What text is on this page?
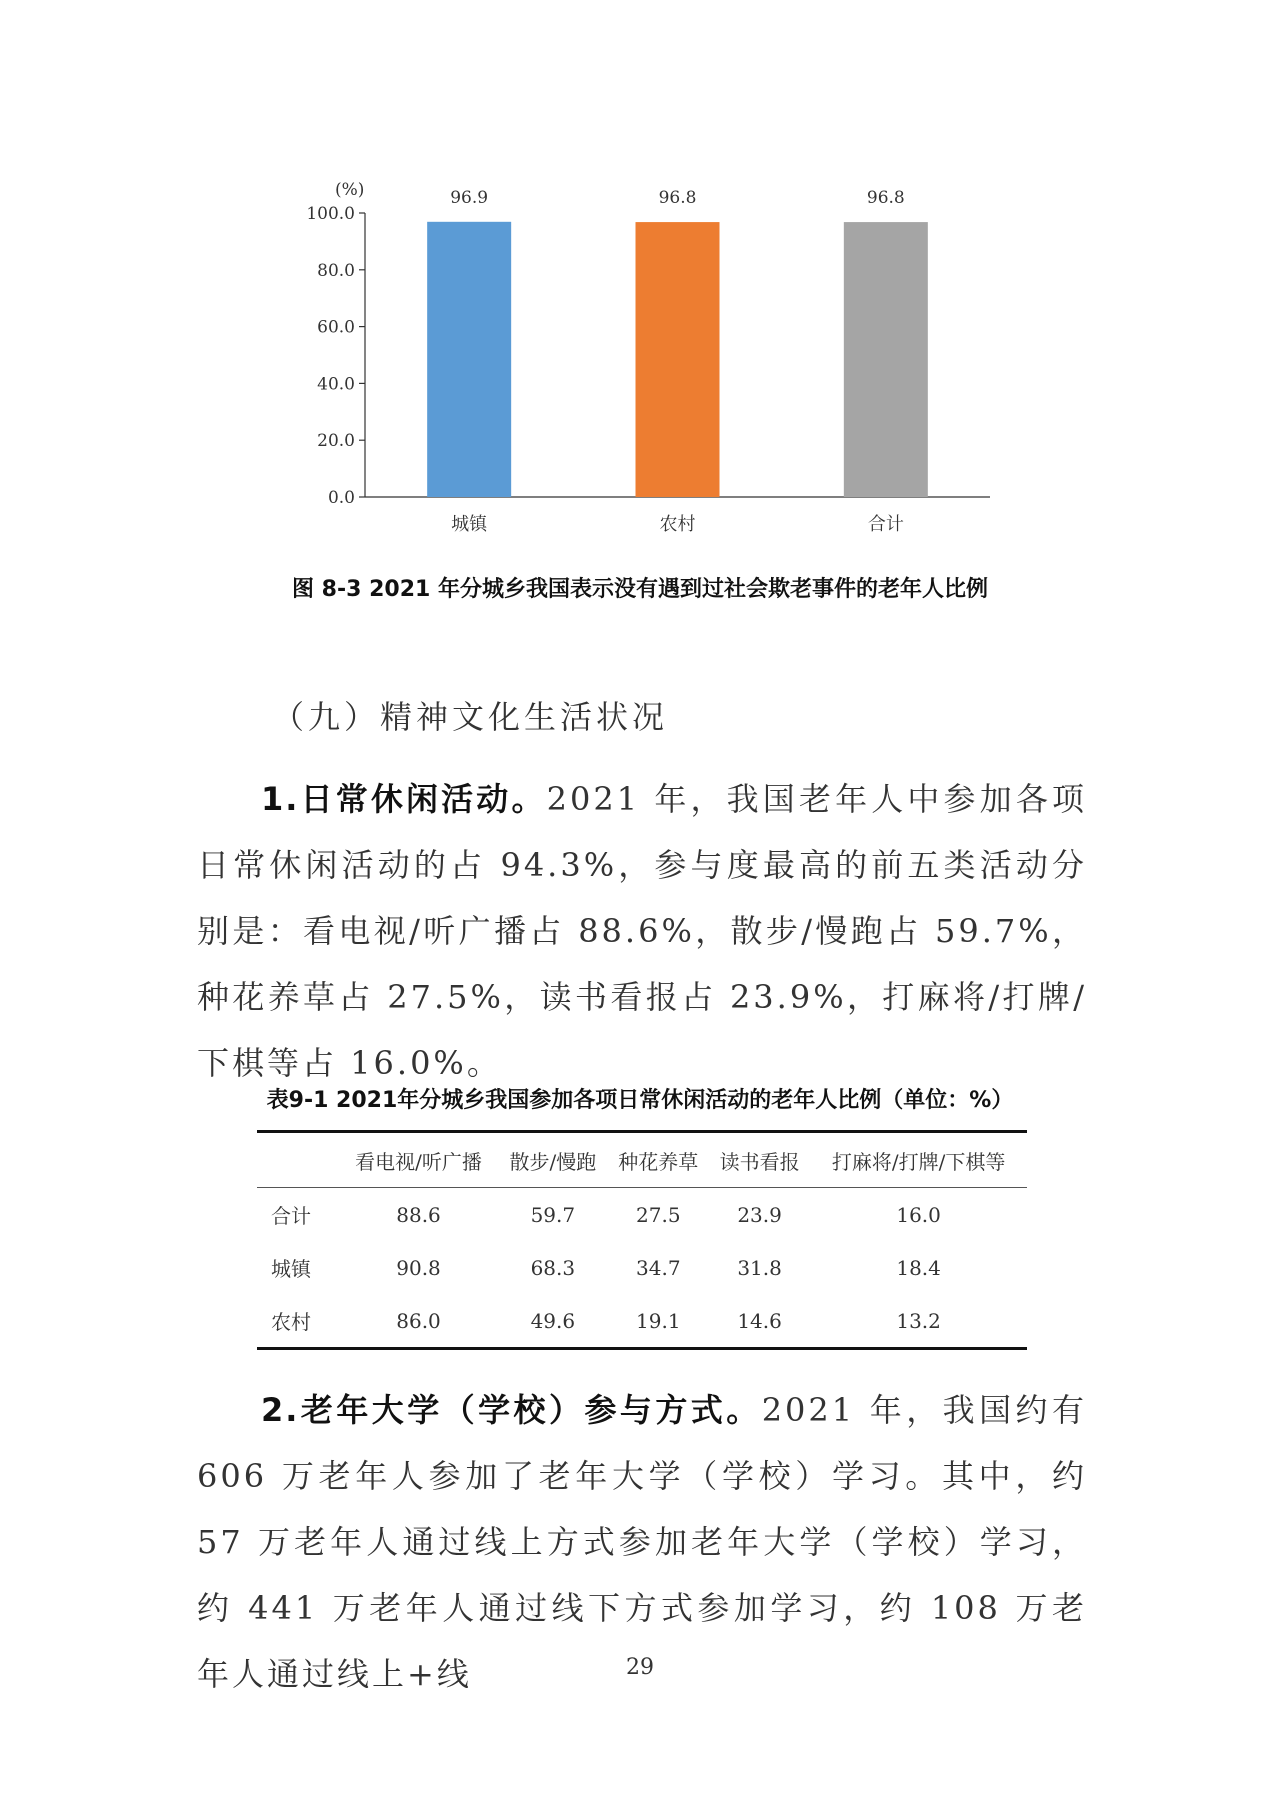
(%)
0.0
20.0
40.0
60.0
80.0
100.0
96.9
城镇
96.8
农村
96.8
合计
图 8-3 2021 年分城乡我国表示没有遇到过社会欺老事件的老年人比例
（九）精神文化生活状况

1.日常休闲活动。2021 年，我国老年人中参加各项日常休闲活动的占 94.3%，参与度最高的前五类活动分别是：看电视/听广播占 88.6%，散步/慢跑占 59.7%，种花养草占 27.5%，读书看报占 23.9%，打麻将/打牌/下棋等占 16.0%。

表9-1 2021年分城乡我国参加各项日常休闲活动的老年人比例（单位：%）
	看电视/听广播	散步/慢跑	种花养草	读书看报	打麻将/打牌/下棋等
合计	88.6	59.7	27.5	23.9	16.0
城镇	90.8	68.3	34.7	31.8	18.4
农村	86.0	49.6	19.1	14.6	13.2

2.老年大学（学校）参与方式。2021 年，我国约有 606 万老年人参加了老年大学（学校）学习。其中，约 57 万老年人通过线上方式参加老年大学（学校）学习，约 441 万老年人通过线下方式参加学习，约 108 万老年人通过线上+线	29
